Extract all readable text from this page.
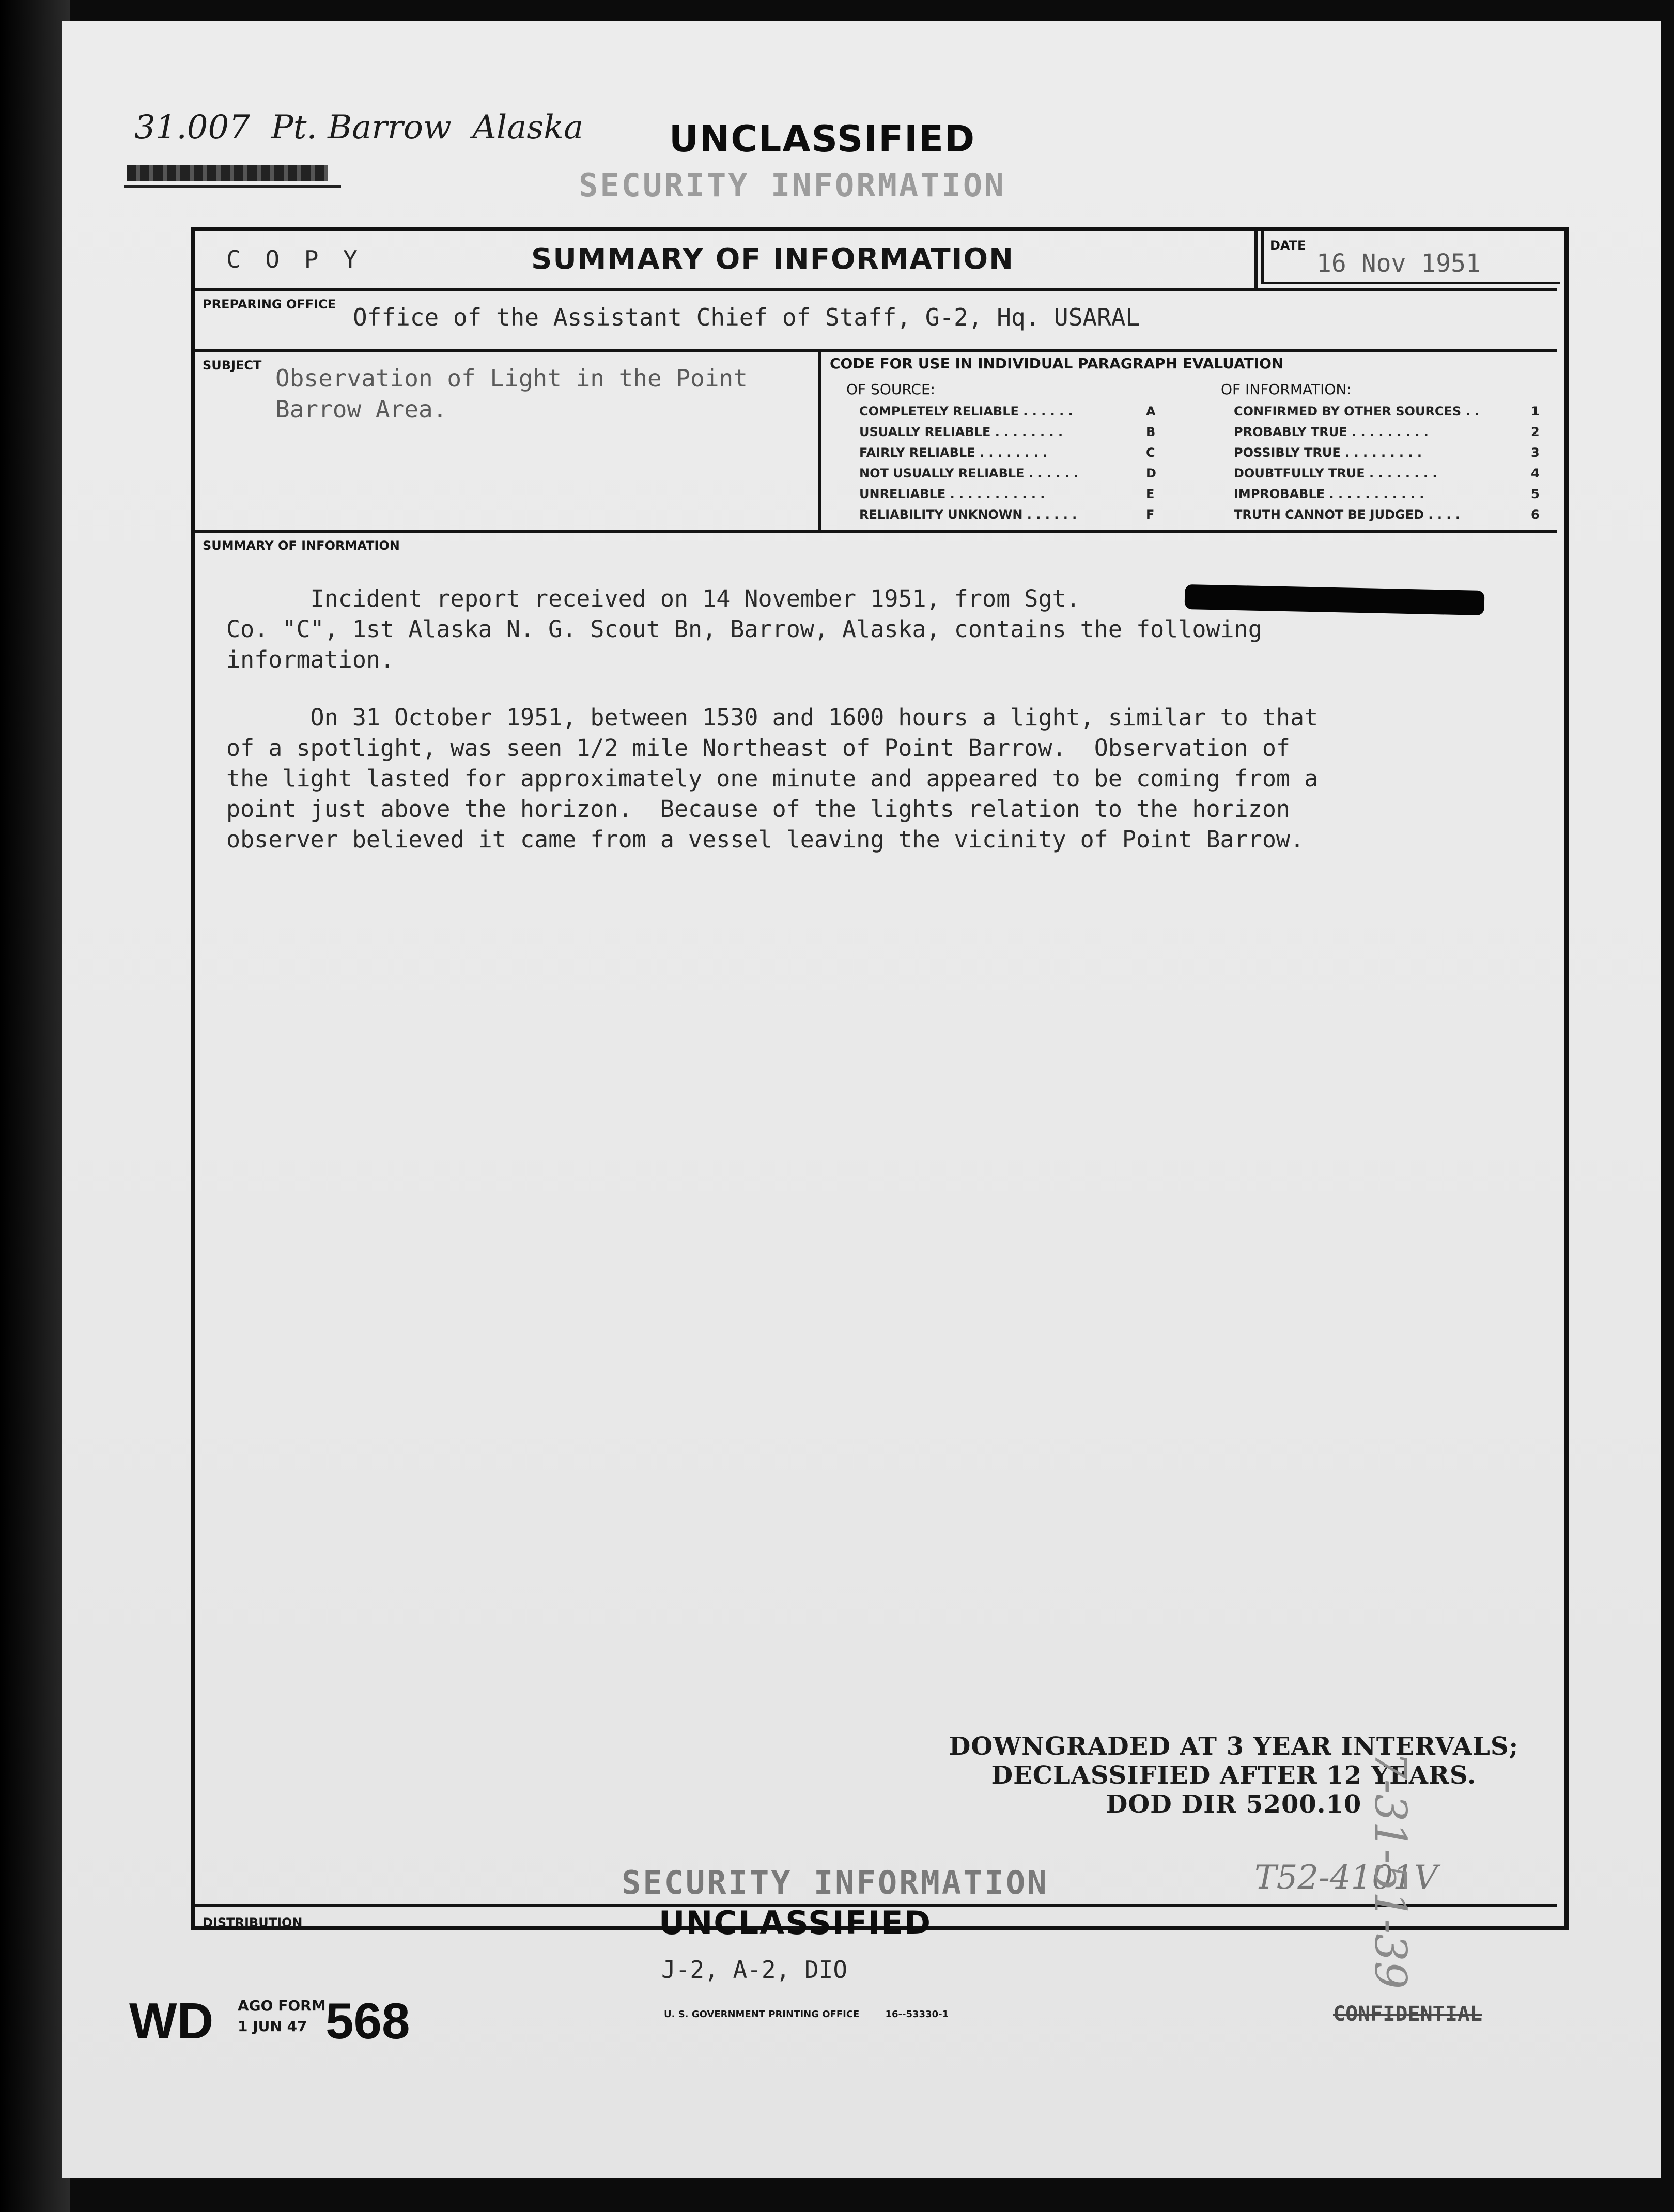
31.007  Pt. Barrow  Alaska UNCLASSIFIED
SECURITY INFORMATION
C O P Y	SUMMARY OF INFORMATION	DATE
16 Nov 1951
PREPARING OFFICE Office of the Assistant Chief of Staff, G-2, Hq. USARAL
SUBJECT Observation of Light in the Point
Barrow Area.
CODE FOR USE IN INDIVIDUAL PARAGRAPH EVALUATION
OF SOURCE:	OF INFORMATION:
COMPLETELY RELIABLE . . . . . .	A
USUALLY RELIABLE . . . . . . . .	B
FAIRLY RELIABLE . . . . . . . .	C
NOT USUALLY RELIABLE . . . . . .	D
UNRELIABLE . . . . . . . . . . .	E
RELIABILITY UNKNOWN . . . . . .	F
CONFIRMED BY OTHER SOURCES . .	1
PROBABLY TRUE . . . . . . . . .	2
POSSIBLY TRUE . . . . . . . . .	3
DOUBTFULLY TRUE . . . . . . . .	4
IMPROBABLE . . . . . . . . . . .	5
TRUTH CANNOT BE JUDGED . . . .	6
SUMMARY OF INFORMATION
Incident report received on 14 November 1951, from Sgt.
Co. "C", 1st Alaska N. G. Scout Bn, Barrow, Alaska, contains the following
information.
On 31 October 1951, between 1530 and 1600 hours a light, similar to that
of a spotlight, was seen 1/2 mile Northeast of Point Barrow.  Observation of
the light lasted for approximately one minute and appeared to be coming from a
point just above the horizon.  Because of the lights relation to the horizon
observer believed it came from a vessel leaving the vicinity of Point Barrow.
DOWNGRADED AT 3 YEAR INTERVALS;
DECLASSIFIED AFTER 12 YEARS.
DOD DIR 5200.10
SECURITY INFORMATION	T52-4101V
DISTRIBUTION	UNCLASSIFIED
J-2, A-2, DIO
WD AGO FORM
1 JUN 47 568	U. S. GOVERNMENT PRINTING OFFICE        16--53330-1	CONFIDENTIAL
7-31-51-39
